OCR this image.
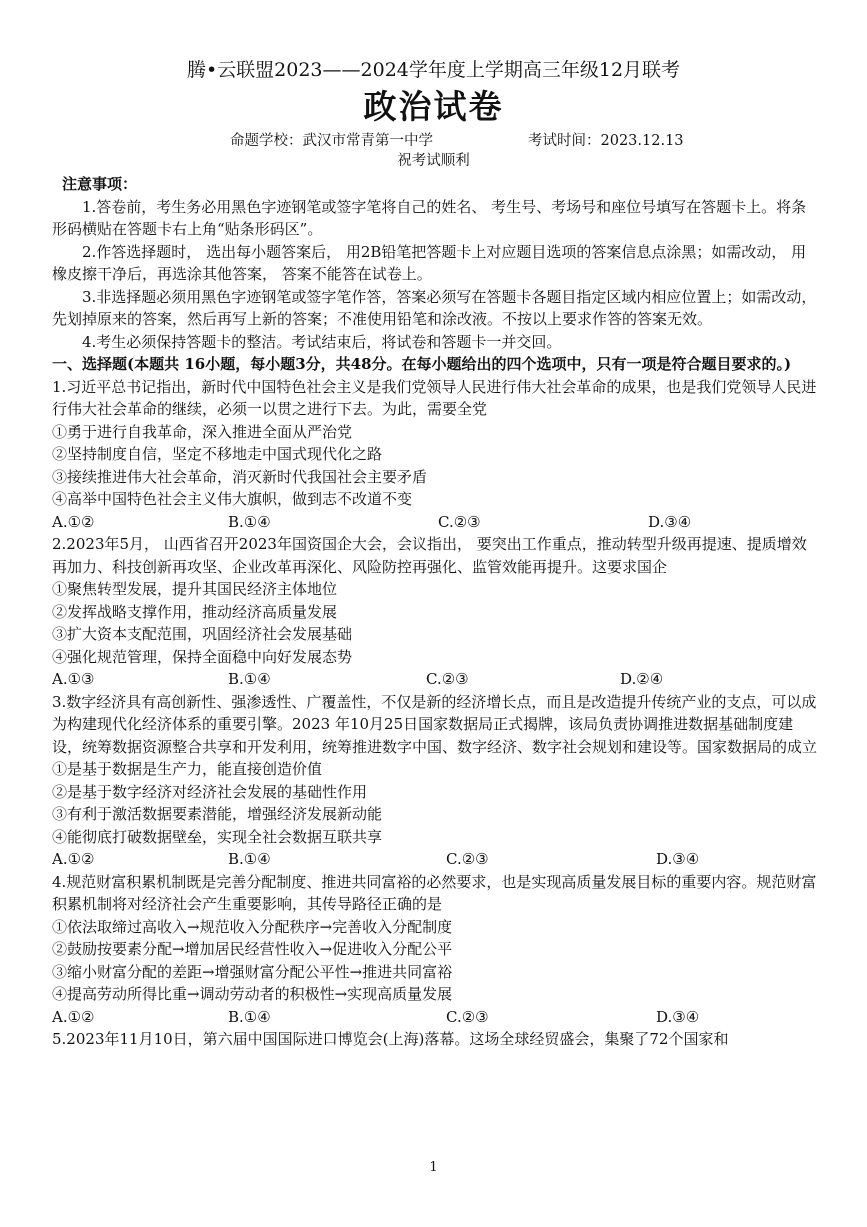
腾•云联盟2023——2024学年度上学期高三年级12月联考
政治试卷
命题学校：武汉市常青第一中学	考试时间：2023.12.13
祝考试顺利

注意事项：

1.答卷前，考生务必用黑色字迹钢笔或签字笔将自己的姓名、 考生号、考场号和座位号填写在答题卡上。将条形码横贴在答题卡右上角“贴条形码区”。

2.作答选择题时， 选出每小题答案后， 用2B铅笔把答题卡上对应题目选项的答案信息点涂黑；如需改动， 用橡皮擦干净后，再选涂其他答案， 答案不能答在试卷上。

3.非选择题必须用黑色字迹钢笔或签字笔作答，答案必须写在答题卡各题目指定区域内相应位置上；如需改动，先划掉原来的答案，然后再写上新的答案；不准使用铅笔和涂改液。不按以上要求作答的答案无效。

4.考生必须保持答题卡的整洁。考试结束后，将试卷和答题卡一并交回。

一、选择题(本题共 16小题，每小题3分，共48分。在每小题给出的四个选项中，只有一项是符合题目要求的。)

1.习近平总书记指出，新时代中国特色社会主义是我们党领导人民进行伟大社会革命的成果，也是我们党领导人民进行伟大社会革命的继续，必须一以贯之进行下去。为此，需要全党

①勇于进行自我革命，深入推进全面从严治党

②坚持制度自信，坚定不移地走中国式现代化之路

③接续推进伟大社会革命，消灭新时代我国社会主要矛盾

④高举中国特色社会主义伟大旗帜，做到志不改道不变

A.①②	B.①④	C.②③	D.③④

2.2023年5月， 山西省召开2023年国资国企大会，会议指出， 要突出工作重点，推动转型升级再提速、提质增效再加力、科技创新再攻坚、企业改革再深化、风险防控再强化、监管效能再提升。这要求国企

①聚焦转型发展，提升其国民经济主体地位

②发挥战略支撑作用，推动经济高质量发展

③扩大资本支配范围，巩固经济社会发展基础

④强化规范管理，保持全面稳中向好发展态势

A.①③	B.①④	C.②③	D.②④

3.数字经济具有高创新性、强渗透性、广覆盖性，不仅是新的经济增长点，而且是改造提升传统产业的支点，可以成为构建现代化经济体系的重要引擎。2023 年10月25日国家数据局正式揭牌，该局负责协调推进数据基础制度建设，统筹数据资源整合共享和开发利用，统筹推进数字中国、数字经济、数字社会规划和建设等。国家数据局的成立

①是基于数据是生产力，能直接创造价值

②是基于数字经济对经济社会发展的基础性作用

③有利于激活数据要素潜能，增强经济发展新动能

④能彻底打破数据壁垒，实现全社会数据互联共享

A.①②	B.①④	C.②③	D.③④

4.规范财富积累机制既是完善分配制度、推进共同富裕的必然要求，也是实现高质量发展目标的重要内容。规范财富积累机制将对经济社会产生重要影响，其传导路径正确的是

①依法取缔过高收入→规范收入分配秩序→完善收入分配制度

②鼓励按要素分配→增加居民经营性收入→促进收入分配公平

③缩小财富分配的差距→增强财富分配公平性→推进共同富裕

④提高劳动所得比重→调动劳动者的积极性→实现高质量发展

A.①②	B.①④	C.②③	D.③④

5.2023年11月10日，第六届中国国际进口博览会(上海)落幕。这场全球经贸盛会，集聚了72个国家和

1
